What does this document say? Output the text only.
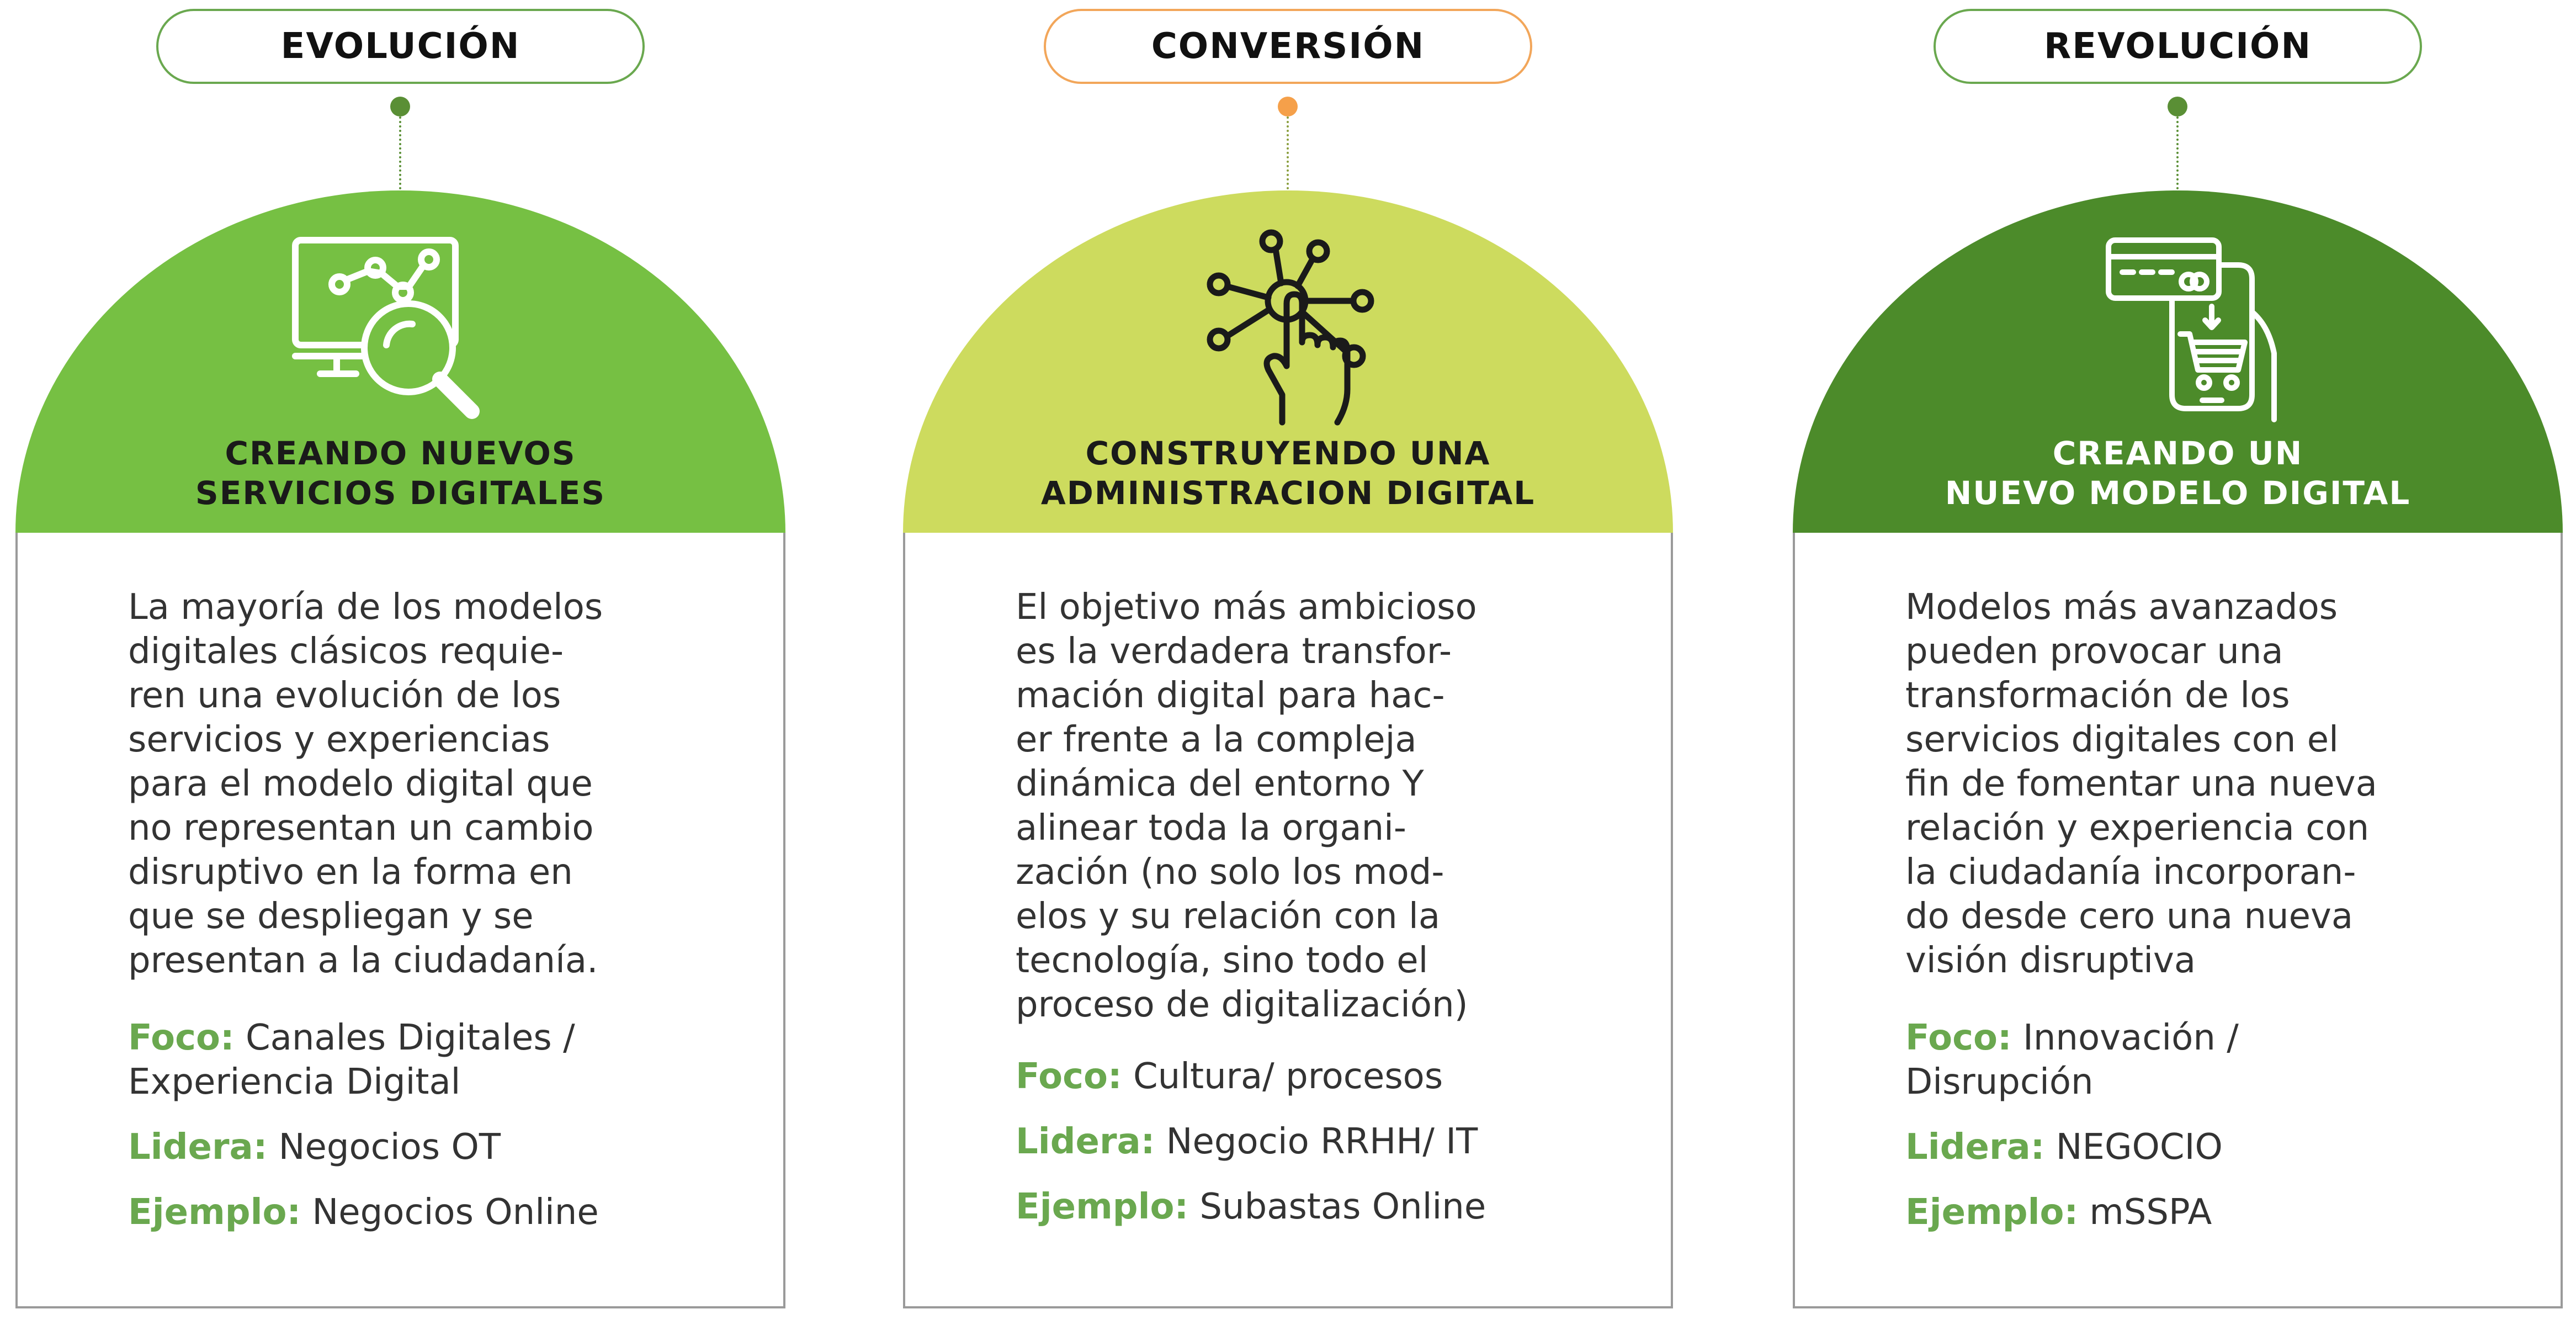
EVOLUCIÓN
CREANDO NUEVOS
SERVICIOS DIGITALES
La mayoría de los modelos
digitales clásicos requie-
ren una evolución de los
servicios y experiencias
para el modelo digital que
no representan un cambio
disruptivo en la forma en
que se despliegan y se
presentan a la ciudadanía.
Foco: Canales Digitales /
Experiencia Digital
Lidera: Negocios OT
Ejemplo: Negocios Online
CONVERSIÓN
CONSTRUYENDO UNA
ADMINISTRACION DIGITAL
El objetivo más ambicioso
es la verdadera transfor-
mación digital para hac-
er frente a la compleja
dinámica del entorno Y
alinear toda la organi-
zación (no solo los mod-
elos y su relación con la
tecnología, sino todo el
proceso de digitalización)
Foco: Cultura/ procesos
Lidera: Negocio RRHH/ IT
Ejemplo: Subastas Online
REVOLUCIÓN
CREANDO UN
NUEVO MODELO DIGITAL
Modelos más avanzados
pueden provocar una
transformación de los
servicios digitales con el
fin de fomentar una nueva
relación y experiencia con
la ciudadanía incorporan-
do desde cero una nueva
visión disruptiva
Foco: Innovación /
Disrupción
Lidera: NEGOCIO
Ejemplo: mSSPA
